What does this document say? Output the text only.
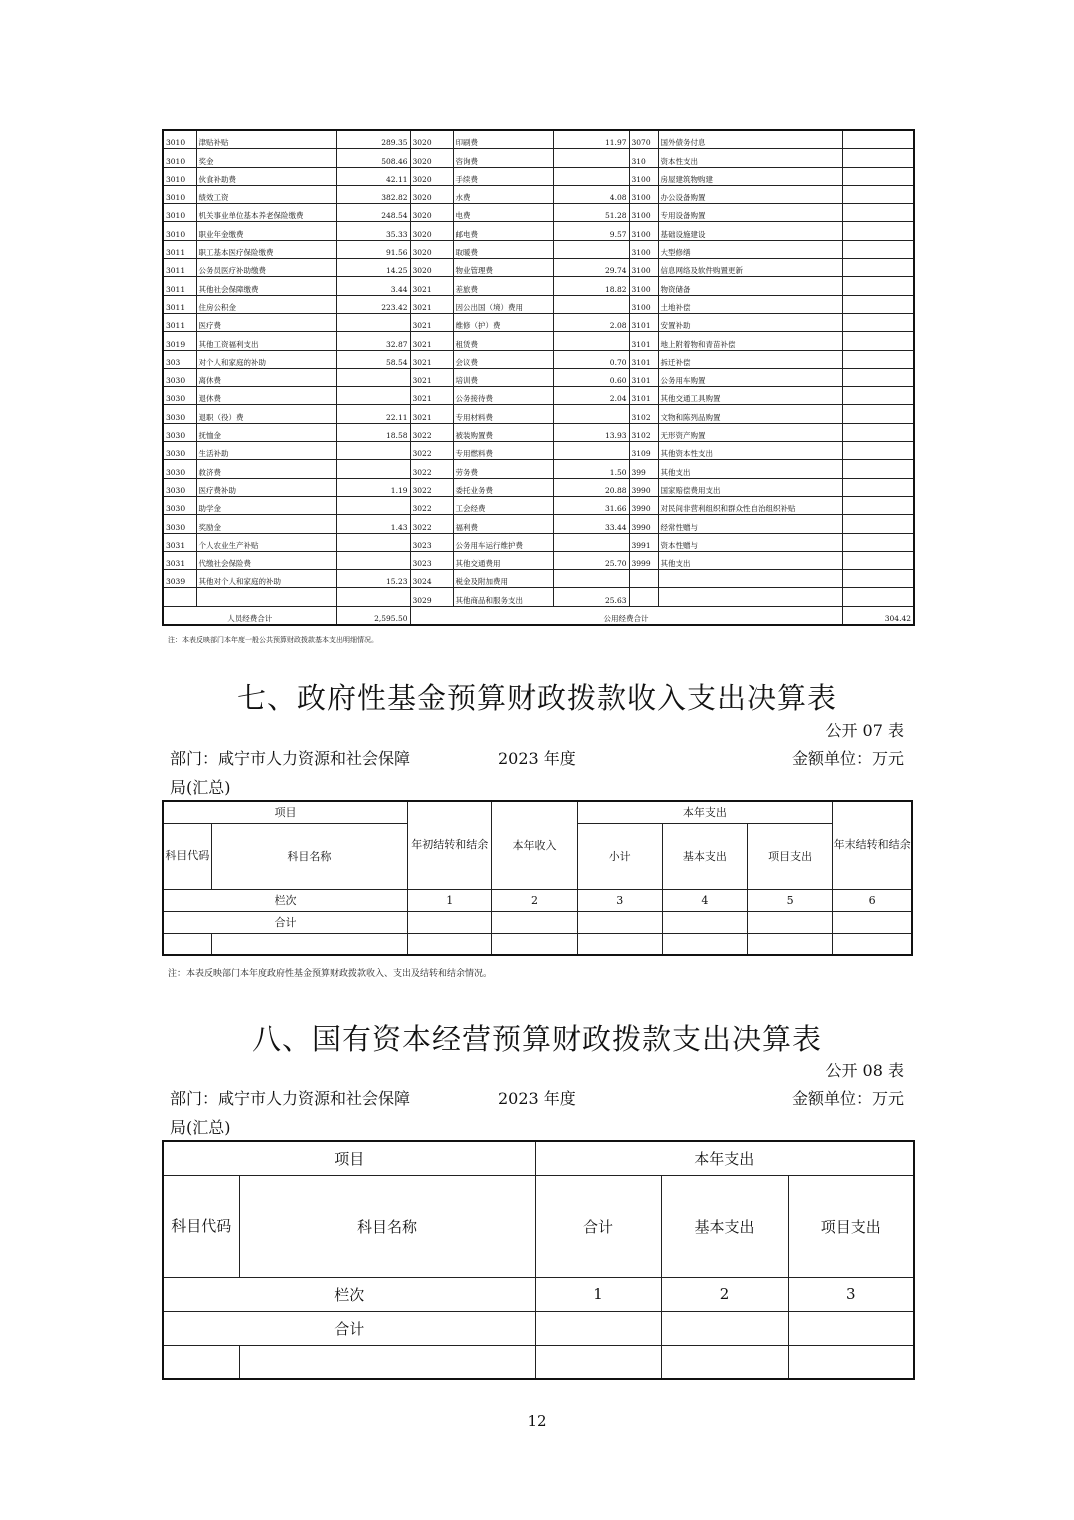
3010	津贴补贴	289.35	3020	印刷费	11.97	3070	国外债务付息	
3010	奖金	508.46	3020	咨询费		310	资本性支出	
3010	伙食补助费	42.11	3020	手续费		3100	房屋建筑物购建	
3010	绩效工资	382.82	3020	水费	4.08	3100	办公设备购置	
3010	机关事业单位基本养老保险缴费	248.54	3020	电费	51.28	3100	专用设备购置	
3010	职业年金缴费	35.33	3020	邮电费	9.57	3100	基础设施建设	
3011	职工基本医疗保险缴费	91.56	3020	取暖费		3100	大型修缮	
3011	公务员医疗补助缴费	14.25	3020	物业管理费	29.74	3100	信息网络及软件购置更新	
3011	其他社会保障缴费	3.44	3021	差旅费	18.82	3100	物资储备	
3011	住房公积金	223.42	3021	因公出国（境）费用		3100	土地补偿	
3011	医疗费		3021	维修（护）费	2.08	3101	安置补助	
3019	其他工资福利支出	32.87	3021	租赁费		3101	地上附着物和青苗补偿	
303	对个人和家庭的补助	58.54	3021	会议费	0.70	3101	拆迁补偿	
3030	离休费		3021	培训费	0.60	3101	公务用车购置	
3030	退休费		3021	公务接待费	2.04	3101	其他交通工具购置	
3030	退职（役）费	22.11	3021	专用材料费		3102	文物和陈列品购置	
3030	抚恤金	18.58	3022	被装购置费	13.93	3102	无形资产购置	
3030	生活补助		3022	专用燃料费		3109	其他资本性支出	
3030	救济费		3022	劳务费	1.50	399	其他支出	
3030	医疗费补助	1.19	3022	委托业务费	20.88	3990	国家赔偿费用支出	
3030	助学金		3022	工会经费	31.66	3990	对民间非营利组织和群众性自治组织补贴	
3030	奖励金	1.43	3022	福利费	33.44	3990	经常性赠与	
3031	个人农业生产补贴		3023	公务用车运行维护费		3991	资本性赠与	
3031	代缴社会保险费		3023	其他交通费用	25.70	3999	其他支出	
3039	其他对个人和家庭的补助	15.23	3024	税金及附加费用				
			3029	其他商品和服务支出	25.63			
人员经费合计		2,595.50	公用经费合计					304.42
注：本表反映部门本年度一般公共预算财政拨款基本支出明细情况。
七、政府性基金预算财政拨款收入支出决算表
公开 07 表
部门：咸宁市人力资源和社会保障	2023 年度	金额单位：万元
局(汇总)
项目		年初结转和结余	本年收入	本年支出			年末结转和结余
科目代码	科目名称			小计	基本支出	项目支出	
栏次		1	2	3	4	5	6
合计							

注：本表反映部门本年度政府性基金预算财政拨款收入、支出及结转和结余情况。
八、国有资本经营预算财政拨款支出决算表
公开 08 表
部门：咸宁市人力资源和社会保障	2023 年度	金额单位：万元
局(汇总)
项目		本年支出		
科目代码	科目名称	合计	基本支出	项目支出
栏次		1	2	3
合计				

12
